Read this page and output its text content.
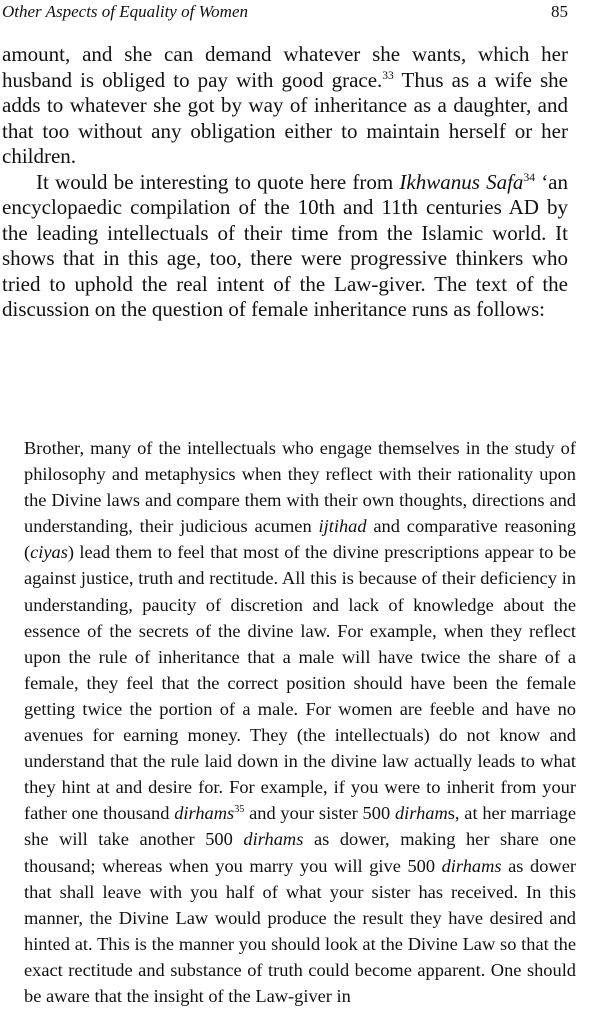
Other Aspects of Equality of Women	85

amount, and she can demand whatever she wants, which her husband is obliged to pay with good grace.$^{33}$ Thus as a wife she adds to whatever she got by way of inheritance as a daughter, and that too without any obligation either to maintain herself or her children.

It would be interesting to quote here from Ikhwanus Safa$^{34}$ ‘an encyclopaedic compilation of the 10th and 11th centuries AD by the leading intellectuals of their time from the Islamic world. It shows that in this age, too, there were progressive thinkers who tried to uphold the real intent of the Law-giver. The text of the discussion on the question of female inheritance runs as follows:

Brother, many of the intellectuals who engage themselves in the study of philosophy and metaphysics when they reflect with their rationality upon the Divine laws and compare them with their own thoughts, directions and understanding, their judicious acumen ijtihad and comparative reasoning (ciyas) lead them to feel that most of the divine prescriptions appear to be against justice, truth and rectitude. All this is because of their deficiency in understanding, paucity of discretion and lack of knowledge about the essence of the secrets of the divine law. For example, when they reflect upon the rule of inheritance that a male will have twice the share of a female, they feel that the correct position should have been the female getting twice the portion of a male. For women are feeble and have no avenues for earning money. They (the intellectuals) do not know and understand that the rule laid down in the divine law actually leads to what they hint at and desire for. For example, if you were to inherit from your father one thousand dirhams$^{35}$ and your sister 500 dirhams, at her marriage she will take another 500 dirhams as dower, making her share one thousand; whereas when you marry you will give 500 dirhams as dower that shall leave with you half of what your sister has received. In this manner, the Divine Law would produce the result they have desired and hinted at. This is the manner you should look at the Divine Law so that the exact rectitude and substance of truth could become apparent. One should be aware that the insight of the Law-giver in
